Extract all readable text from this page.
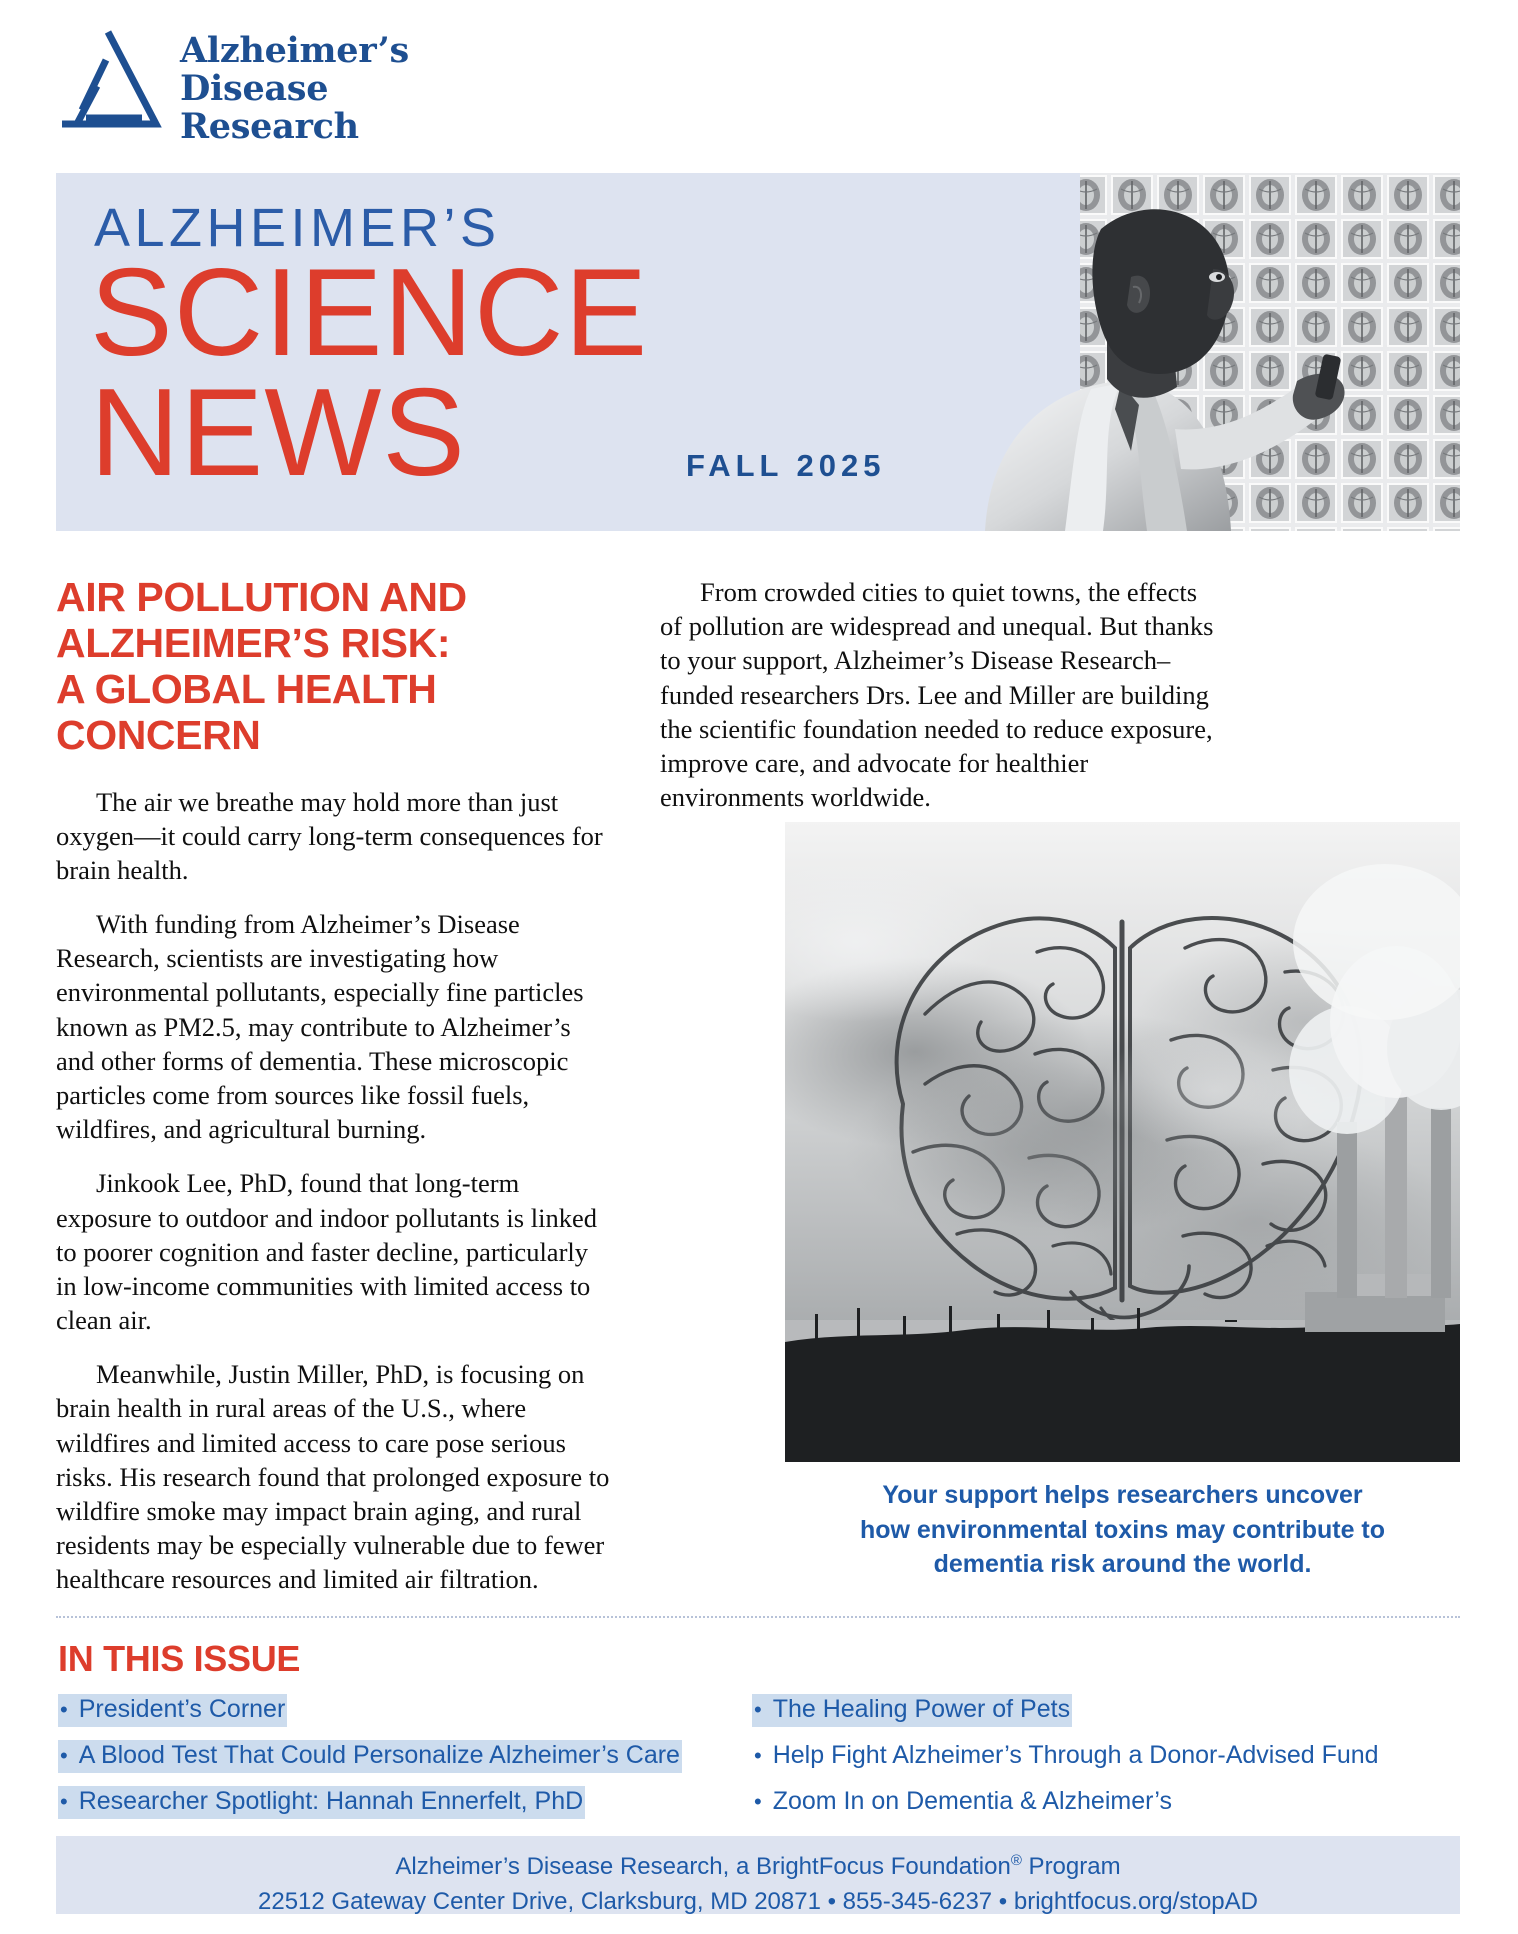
Alzheimer’s
Disease
Research
ALZHEIMER’S
SCIENCE
NEWS	FALL 2025
AIR POLLUTION AND
ALZHEIMER’S RISK:
A GLOBAL HEALTH
CONCERN

The air we breathe may hold more than just oxygen—it could carry long-term consequences for brain health.

With funding from Alzheimer’s Disease Research, scientists are investigating how environmental pollutants, especially fine particles known as PM2.5, may contribute to Alzheimer’s and other forms of dementia. These microscopic particles come from sources like fossil fuels, wildfires, and agricultural burning.

Jinkook Lee, PhD, found that long-term exposure to outdoor and indoor pollutants is linked to poorer cognition and faster decline, particularly in low-income communities with limited access to clean air.

Meanwhile, Justin Miller, PhD, is focusing on brain health in rural areas of the U.S., where wildfires and limited access to care pose serious risks. His research found that prolonged exposure to wildfire smoke may impact brain aging, and rural residents may be especially vulnerable due to fewer healthcare resources and limited air filtration.

From crowded cities to quiet towns, the effects of pollution are widespread and unequal. But thanks to your support, Alzheimer’s Disease Research–funded researchers Drs. Lee and Miller are building the scientific foundation needed to reduce exposure, improve care, and advocate for healthier environments worldwide.

Your support helps researchers uncover
how environmental toxins may contribute to
dementia risk around the world.
IN THIS ISSUE
• President’s Corner
• A Blood Test That Could Personalize Alzheimer’s Care
• Researcher Spotlight: Hannah Ennerfelt, PhD
• The Healing Power of Pets
• Help Fight Alzheimer’s Through a Donor-Advised Fund
• Zoom In on Dementia & Alzheimer’s
Alzheimer’s Disease Research, a BrightFocus Foundation® Program
22512 Gateway Center Drive, Clarksburg, MD 20871 • 855-345-6237 • brightfocus.org/stopAD
